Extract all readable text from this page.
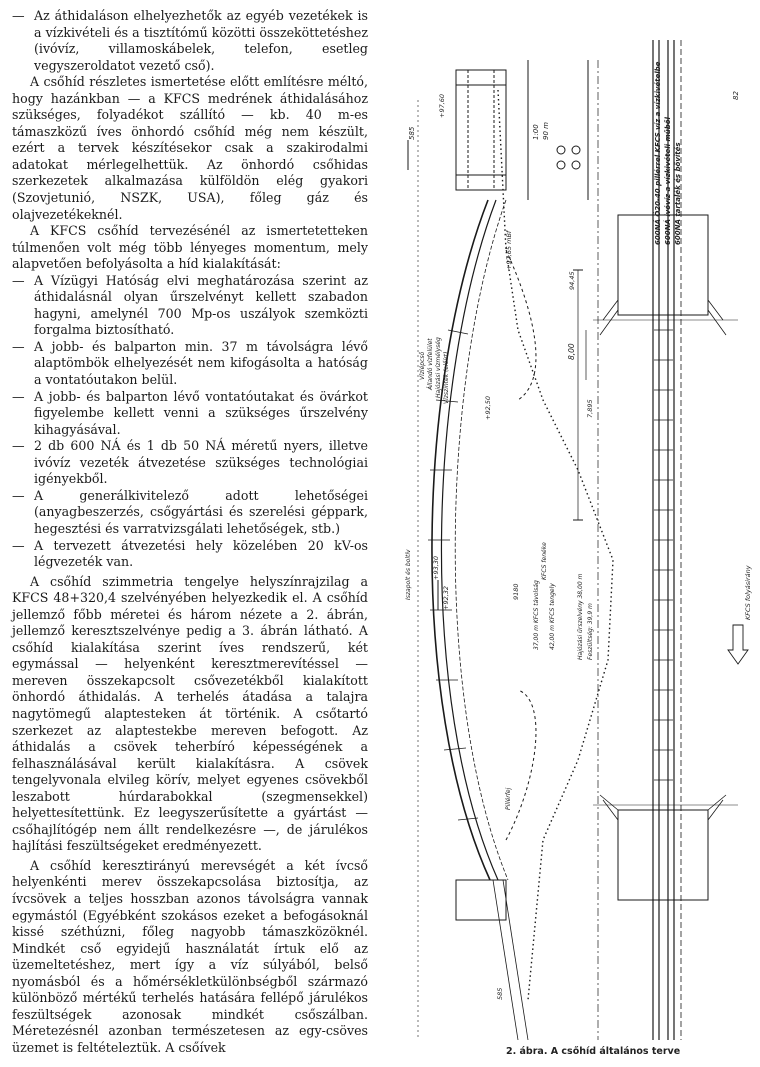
— Az áthidaláson elhelyezhetők az egyéb vezetékek is a vízkivételi és a tisztítómű közötti összeköttetéshez (ivóvíz, villamoskábelek, telefon, esetleg vegyszeroldatot vezető cső).

A csőhíd részletes ismertetése előtt említésre méltó, hogy hazánkban — a KFCS medrének áthidalásához szükséges, folyadékot szállító — kb. 40 m-es támaszközű íves önhordó csőhíd még nem készült, ezért a tervek készítésekor csak a szakirodalmi adatokat mérlegelhettük. Az önhordó csőhidas szerkezetek alkalmazása külföldön elég gyakori (Szovjetunió, NSZK, USA), főleg gáz és olajvezetékeknél.

A KFCS csőhíd tervezésénél az ismertetetteken túlmenően volt még több lényeges momentum, mely alapvetően befolyásolta a híd kialakítását:

— A Vízügyi Hatóság elvi meghatározása szerint az áthidalásnál olyan űrszelvényt kellett szabadon hagyni, amelynél 700 Mp-os uszályok szemközti forgalma biztosítható.
— A jobb- és balparton min. 37 m távolságra lévő alaptömbök elhelyezését nem kifogásolta a hatóság a vontatóutakon belül.
— A jobb- és balparton lévő vontatóutakat és övárkot figyelembe kellett venni a szükséges űrszelvény kihagyásával.
— 2 db 600 NÁ és 1 db 50 NÁ méretű nyers, illetve ivóvíz vezeték átvezetése szükséges technológiai igényekből.
— A generálkivitelező adott lehetőségei (anyagbeszerzés, csőgyártási és szerelési géppark, hegesztési és varratvizsgálati lehetőségek, stb.)
— A tervezett átvezetési hely közelében 20 kV-os légvezeték van.

A csőhíd szimmetria tengelye helyszínrajzilag a KFCS 48+320,4 szelvényében helyezkedik el. A csőhíd jellemző főbb méretei és három nézete a 2. ábrán, jellemző keresztszelvénye pedig a 3. ábrán látható. A csőhíd kialakítása szerint íves rendszerű, két egymással — helyenként keresztmerevítéssel — mereven összekapcsolt csővezetékből kialakított önhordó áthidalás. A terhelés átadása a talajra nagytömegű alaptesteken át történik. A csőtartó szerkezet az alaptestekbe mereven befogott. Az áthidalás a csövek teherbíró képességének a felhasználásával került kialakításra. A csövek tengelyvonala elvileg körív, melyet egyenes csövekből leszabott húrdarabokkal (szegmensekkel) helyettesítettünk. Ez leegyszerűsítette a gyártást — csőhajlítógép nem állt rendelkezésre —, de járulékos hajlítási feszültségeket eredményezett.

A csőhíd keresztirányú merevségét a két ívcső helyenkénti merev összekapcsolása biztosítja, az ívcsövek a teljes hosszban azonos távolságra vannak egymástól (Egyébként szokásos ezeket a befogásoknál kissé széthúzni, főleg nagyobb támaszközöknél. Mindkét cső egyidejű használatát írtuk elő az üzemeltetéshez, mert így a víz súlyából, belső nyomásból és a hőmérsékletkülönbségből származó különböző mértékű terhelés hatására fellépő járulékos feszültségek azonosak mindkét csőszálban. Méretezésnél azonban természetesen az egy-csöves üzemet is feltételeztük. A csőívek

585	1:00 90 m
+97,60
+92,65 mBf
94,45
8,00
7,895
+92,50
+93,30
+92,32	9180
585
Vízlépcső Állandó vízfelület Hajózási vízmélység Vízszintek (előírt)
KFCS fenéke
37,00 m KFCS távolság 42,00 m KFCS tengely	Feszültség: 39,9 m
Hajózási űrszelvény 38,00 m
Iszapolt és boltív
Pillérfej
600NÁ Ó20-40 pillérrel KFCS víz a vízkivételbe 600NÁ ivóvíz a vízkivételi műből 600NÁ tartalék és bővítés
KFCS folyásirány
82
2. ábra. A csőhíd általános terve
